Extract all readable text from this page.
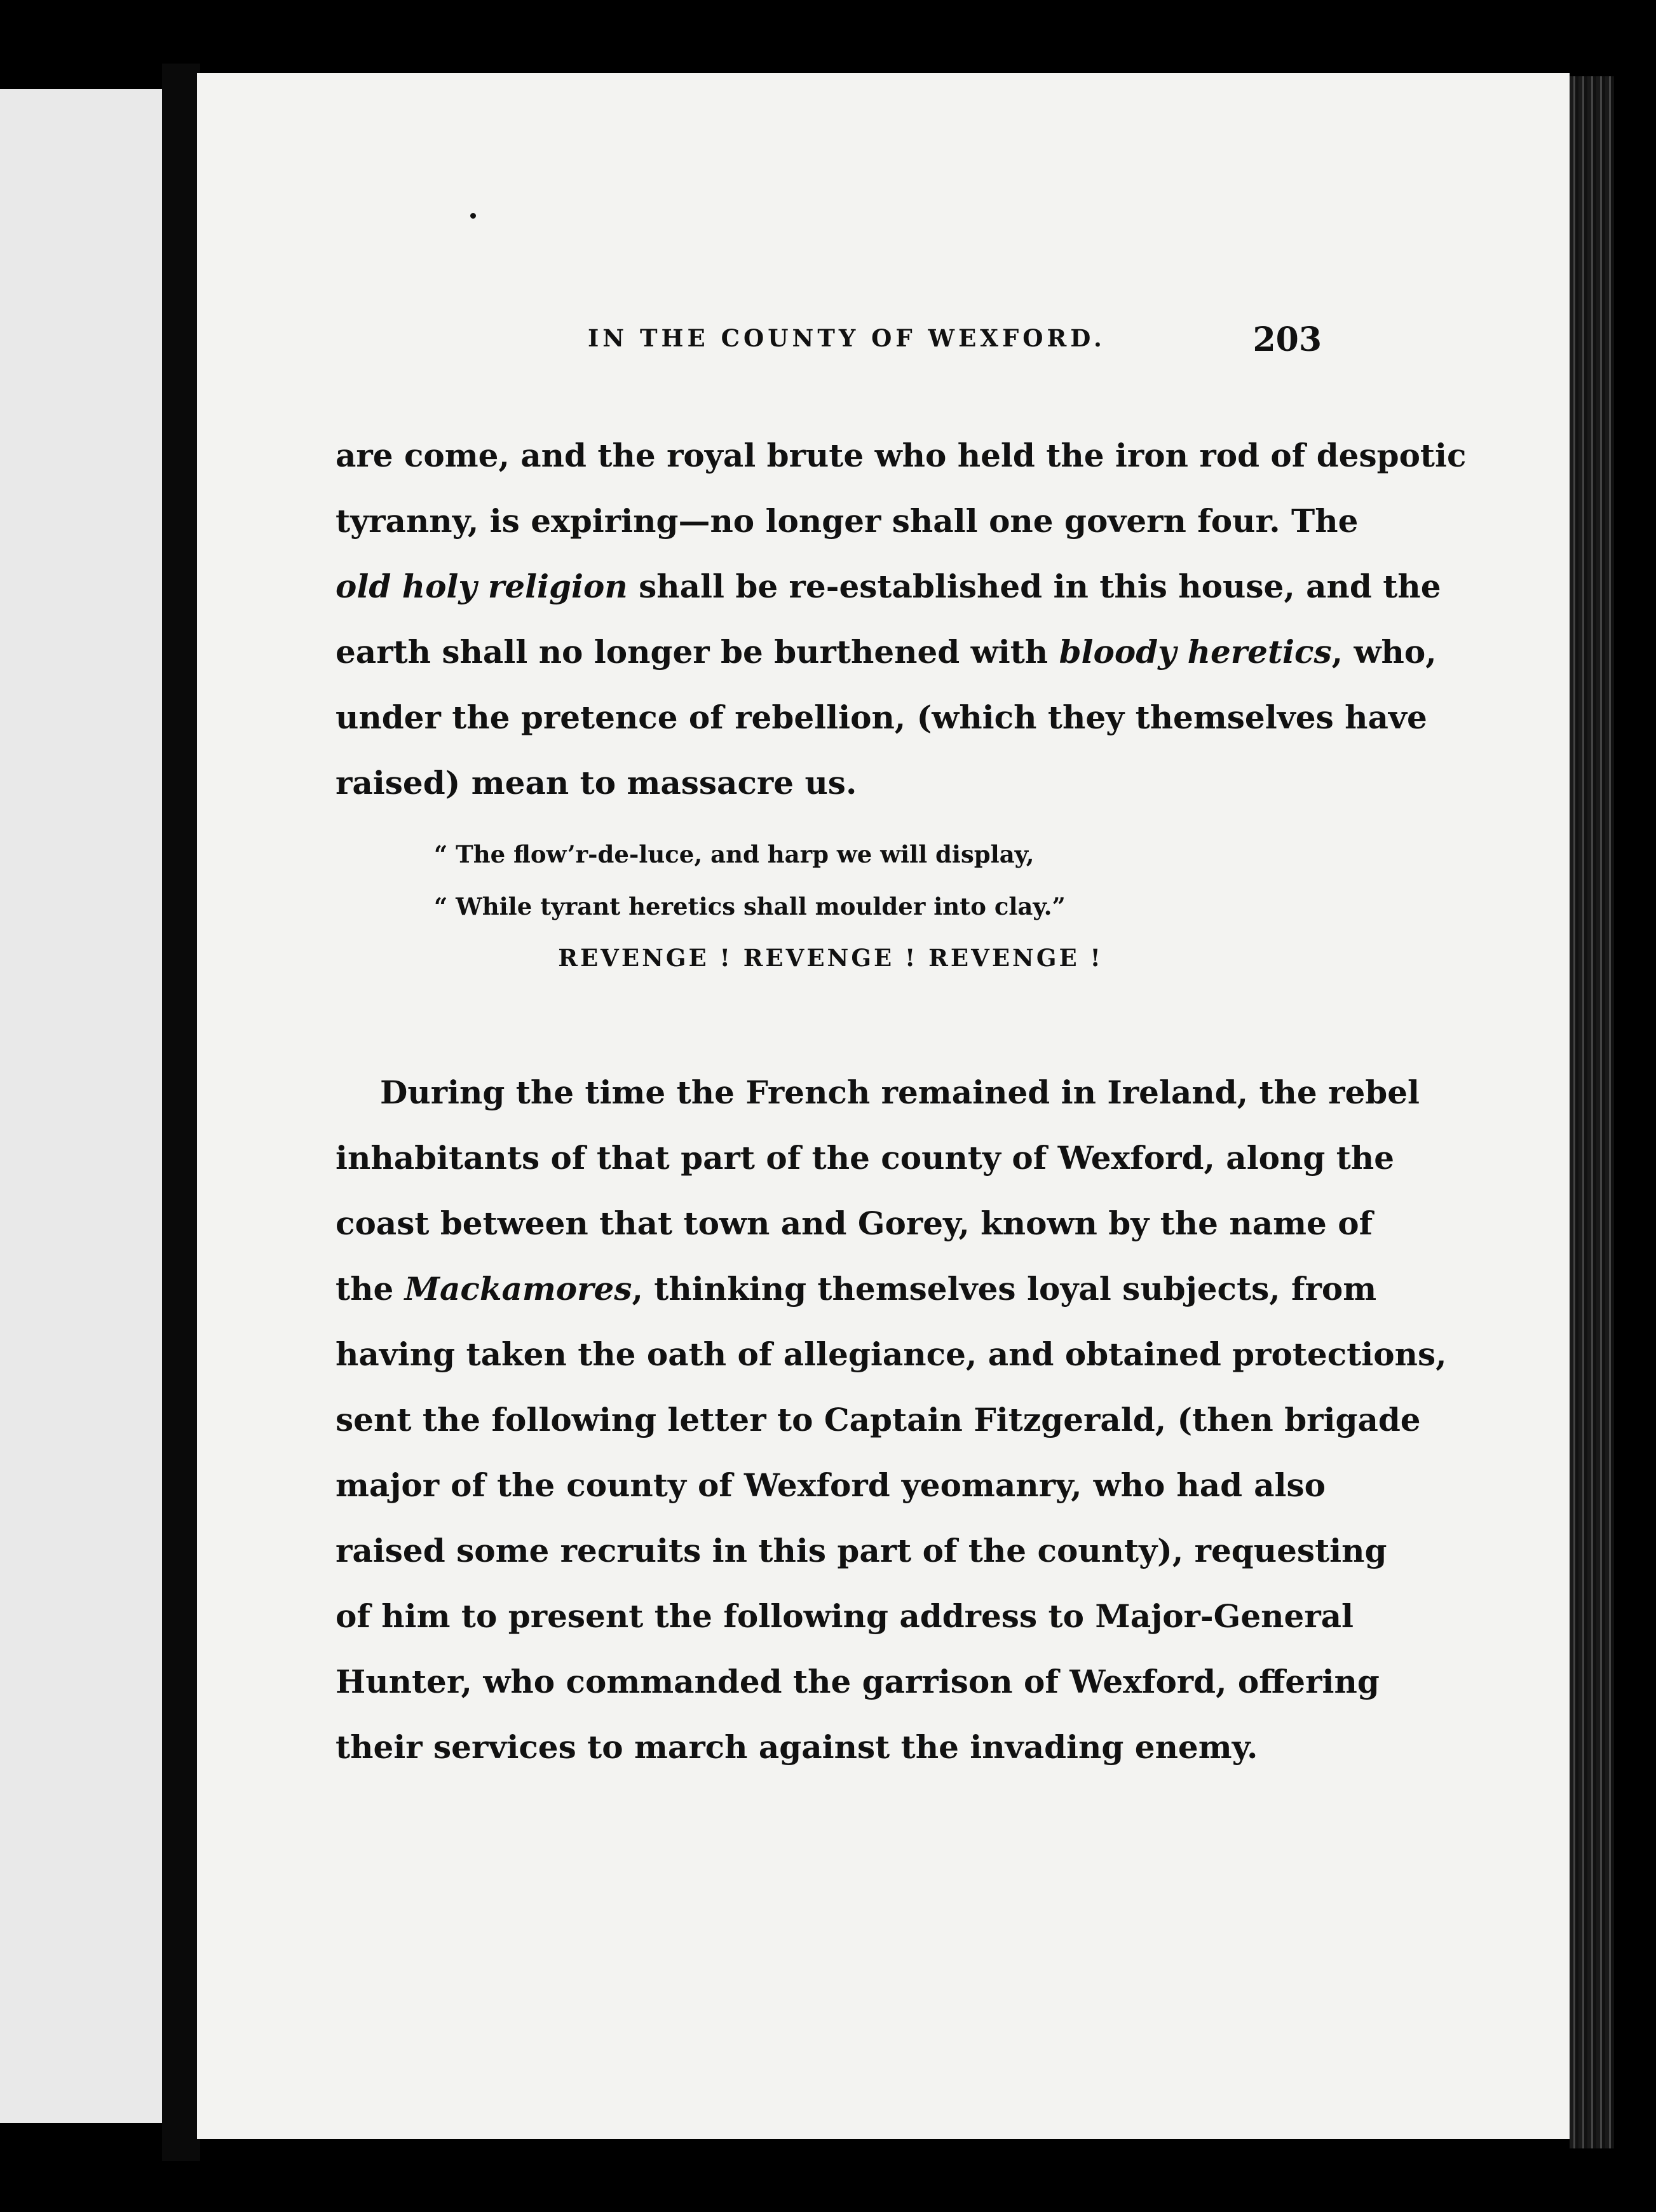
IN THE COUNTY OF WEXFORD.	203
are come, and the royal brute who held the iron rod of despotic
tyranny, is expiring—no longer shall one govern four. The
old holy religion shall be re-established in this house, and the
earth shall no longer be burthened with bloody heretics, who,
under the pretence of rebellion, (which they themselves have
raised) mean to massacre us.
“ The flow’r-de-luce, and harp we will display,
“ While tyrant heretics shall moulder into clay.”
REVENGE ! REVENGE ! REVENGE !
During the time the French remained in Ireland, the rebel
inhabitants of that part of the county of Wexford, along the
coast between that town and Gorey, known by the name of
the Mackamores, thinking themselves loyal subjects, from
having taken the oath of allegiance, and obtained protections,
sent the following letter to Captain Fitzgerald, (then brigade
major of the county of Wexford yeomanry, who had also
raised some recruits in this part of the county), requesting
of him to present the following address to Major-General
Hunter, who commanded the garrison of Wexford, offering
their services to march against the invading enemy.
